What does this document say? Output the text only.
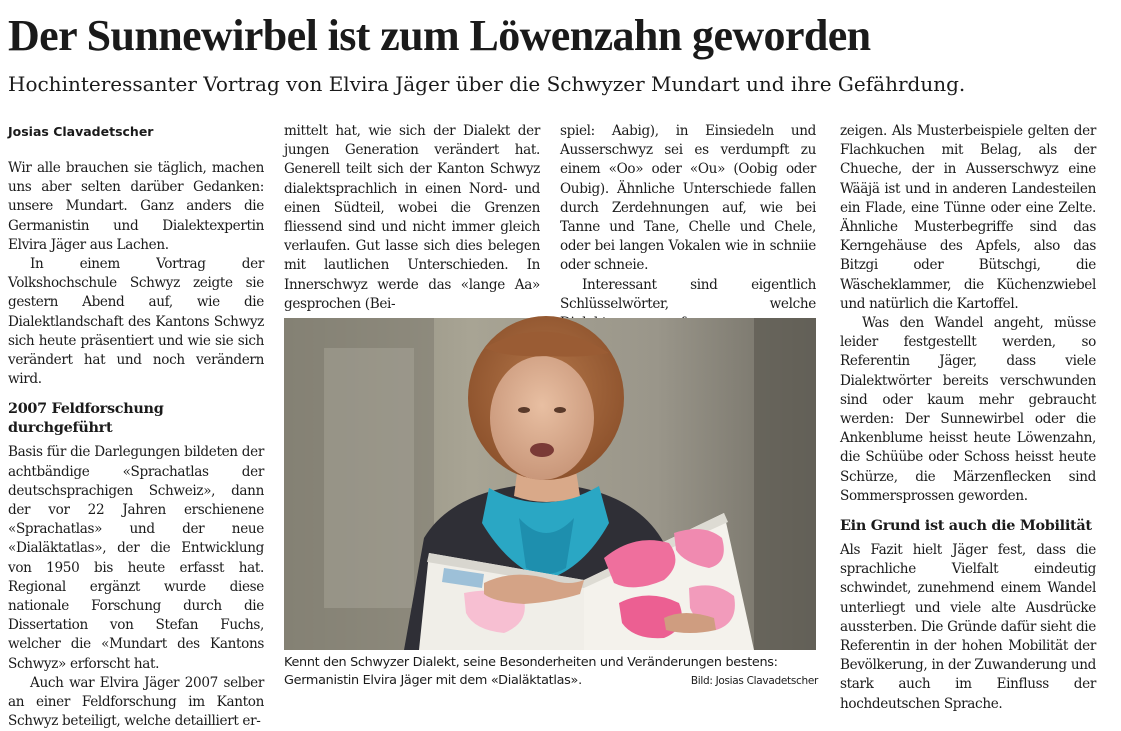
Der Sunnewirbel ist zum Löwenzahn geworden
Hochinteressanter Vortrag von Elvira Jäger über die Schwyzer Mundart und ihre Gefährdung.
Josias Clavadetscher

Wir alle brauchen sie täglich, machen uns aber selten darüber Gedanken: unsere Mundart. Ganz anders die Germanistin und Dialektexpertin Elvira Jäger aus Lachen.

In einem Vortrag der Volkshochschule Schwyz zeigte sie gestern Abend auf, wie die Dialektlandschaft des Kantons Schwyz sich heute präsentiert und wie sie sich verändert hat und noch verändern wird.

2007 Feldforschung durchgeführt

Basis für die Darlegungen bildeten der achtbändige «Sprachatlas der deutschsprachigen Schweiz», dann der vor 22 Jahren erschienene «Sprachatlas» und der neue «Dialäktatlas», der die Entwicklung von 1950 bis heute erfasst hat. Regional ergänzt wurde diese nationale Forschung durch die Dissertation von Stefan Fuchs, welcher die «Mundart des Kantons Schwyz» erforscht hat.

Auch war Elvira Jäger 2007 selber an einer Feldforschung im Kanton Schwyz beteiligt, welche detailliert er-

mittelt hat, wie sich der Dialekt der jungen Generation verändert hat. Generell teilt sich der Kanton Schwyz dialektsprachlich in einen Nord- und einen Südteil, wobei die Grenzen fliessend sind und nicht immer gleich verlaufen. Gut lasse sich dies belegen mit lautlichen Unterschieden. In Innerschwyz werde das «lange Aa» gesprochen (Bei-

spiel: Aabig), in Einsiedeln und Ausserschwyz sei es verdumpft zu einem «Oo» oder «Ou» (Oobig oder Oubig). Ähnliche Unterschiede fallen durch Zerdehnungen auf, wie bei Tanne und Tane, Chelle und Chele, oder bei langen Vokalen wie in schniie oder schneie.

Interessant sind eigentlich Schlüsselwörter, welche

zeigen. Als Musterbeispiele gelten der Flachkuchen mit Belag, als der Chueche, der in Ausserschwyz eine Wääjä ist und in anderen Landesteilen ein Flade, eine Tünne oder eine Zelte. Ähnliche Musterbegriffe sind das Kerngehäuse des Apfels, also das Bitzgi oder Bütschgi, die Wäscheklammer, die Küchenzwiebel und natürlich die Kartoffel.

Was den Wandel angeht, müsse leider festgestellt werden, so Referentin Jäger, dass viele Dialektwörter bereits verschwunden sind oder kaum mehr gebraucht werden: Der Sunnewirbel oder die Ankenblume heisst heute Löwenzahn, die Schüübe oder Schoss heisst heute Schürze, die Märzenflecken sind Sommersprossen geworden.

Ein Grund ist auch die Mobilität

Als Fazit hielt Jäger fest, dass die sprachliche Vielfalt eindeutig schwindet, zunehmend einem Wandel unterliegt und viele alte Ausdrücke aussterben. Die Gründe dafür sieht die Referentin in der hohen Mobilität der Bevölkerung, in der Zuwanderung und stark auch im Einfluss der hochdeutschen Sprache.

Kennt den Schwyzer Dialekt, seine Besonderheiten und Veränderungen bestens:
Germanistin Elvira Jäger mit dem «Dialäktatlas».	Bild: Josias Clavadetscher
